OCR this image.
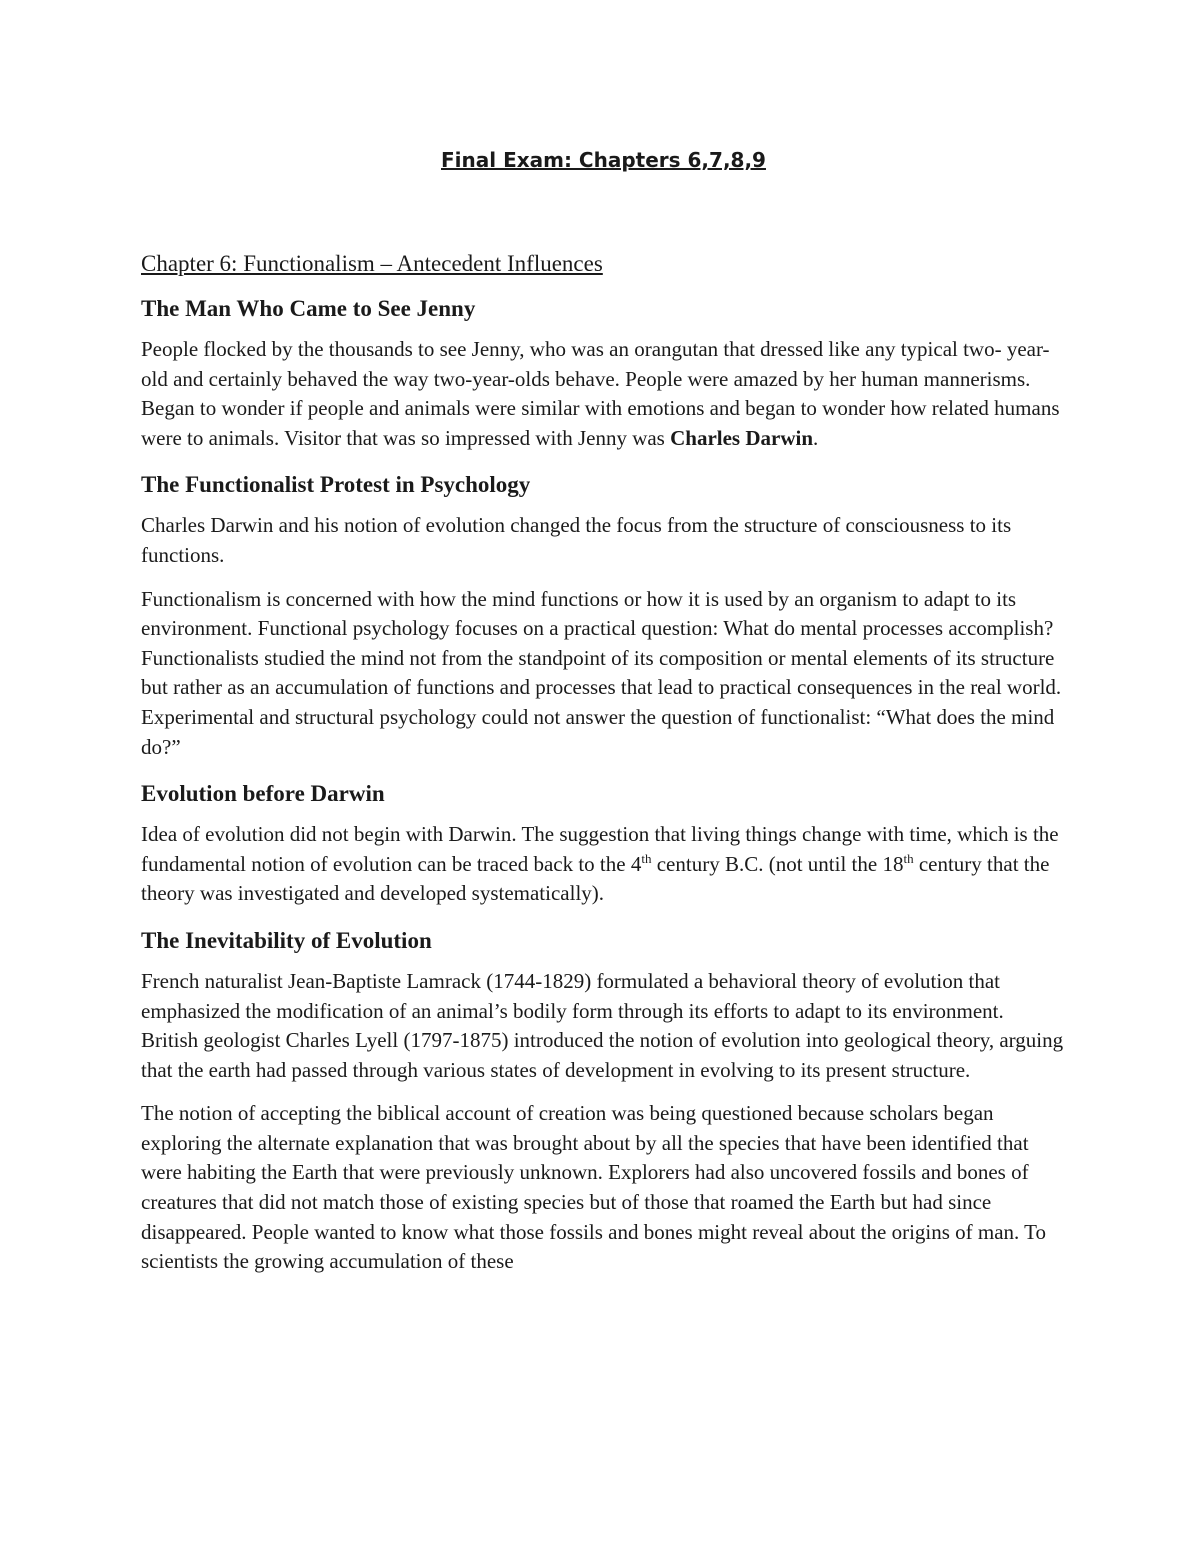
Final Exam: Chapters 6,7,8,9
Chapter 6: Functionalism – Antecedent Influences
The Man Who Came to See Jenny

People flocked by the thousands to see Jenny, who was an orangutan that dressed like any typical two- year-old and certainly behaved the way two-year-olds behave. People were amazed by her human mannerisms. Began to wonder if people and animals were similar with emotions and began to wonder how related humans were to animals. Visitor that was so impressed with Jenny was Charles Darwin.

The Functionalist Protest in Psychology

Charles Darwin and his notion of evolution changed the focus from the structure of consciousness to its functions.

Functionalism is concerned with how the mind functions or how it is used by an organism to adapt to its environment. Functional psychology focuses on a practical question: What do mental processes accomplish? Functionalists studied the mind not from the standpoint of its composition or mental elements of its structure but rather as an accumulation of functions and processes that lead to practical consequences in the real world. Experimental and structural psychology could not answer the question of functionalist: “What does the mind do?”

Evolution before Darwin

Idea of evolution did not begin with Darwin. The suggestion that living things change with time, which is the fundamental notion of evolution can be traced back to the 4th century B.C. (not until the 18th century that the theory was investigated and developed systematically).

The Inevitability of Evolution

French naturalist Jean-Baptiste Lamrack (1744-1829) formulated a behavioral theory of evolution that emphasized the modification of an animal’s bodily form through its efforts to adapt to its environment. British geologist Charles Lyell (1797-1875) introduced the notion of evolution into geological theory, arguing that the earth had passed through various states of development in evolving to its present structure.

The notion of accepting the biblical account of creation was being questioned because scholars began exploring the alternate explanation that was brought about by all the species that have been identified that were habiting the Earth that were previously unknown. Explorers had also uncovered fossils and bones of creatures that did not match those of existing species but of those that roamed the Earth but had since disappeared. People wanted to know what those fossils and bones might reveal about the origins of man. To scientists the growing accumulation of these
